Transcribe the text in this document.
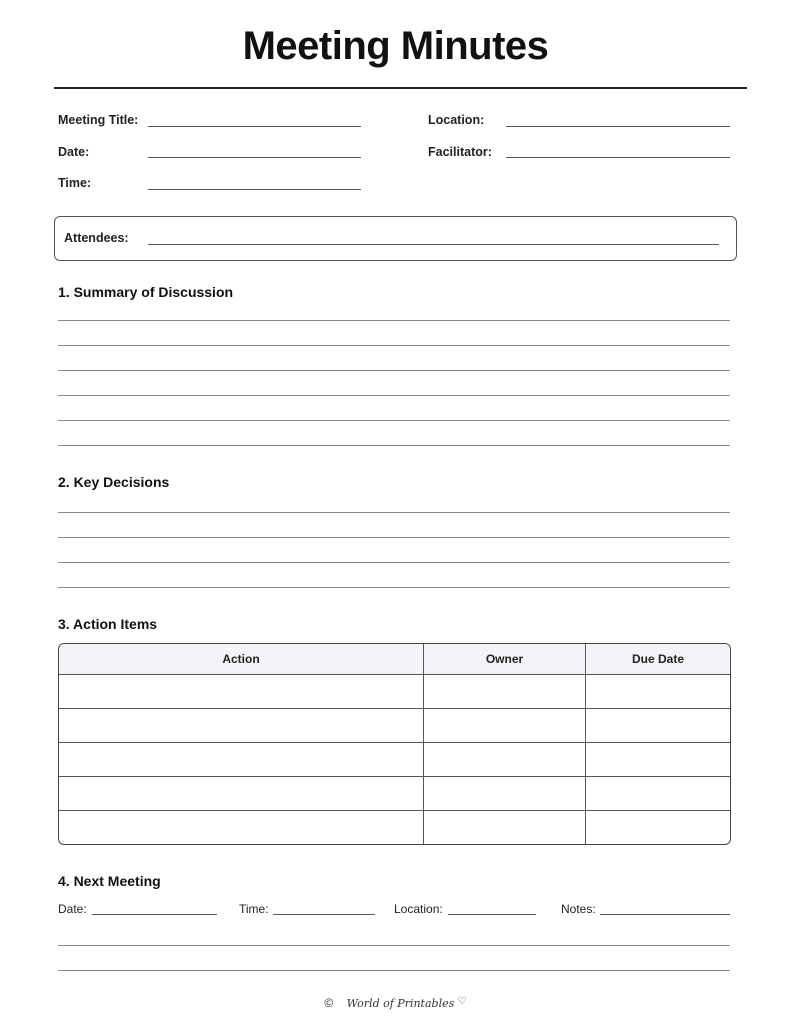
Meeting Minutes
Meeting Title:
Date:
Time:
Location:
Facilitator:
Attendees:
1. Summary of Discussion
2. Key Decisions
3. Action Items
Action	Owner	Due Date

4. Next Meeting
Date:	Time:	Location:	Notes:
© World of Printables ♡
